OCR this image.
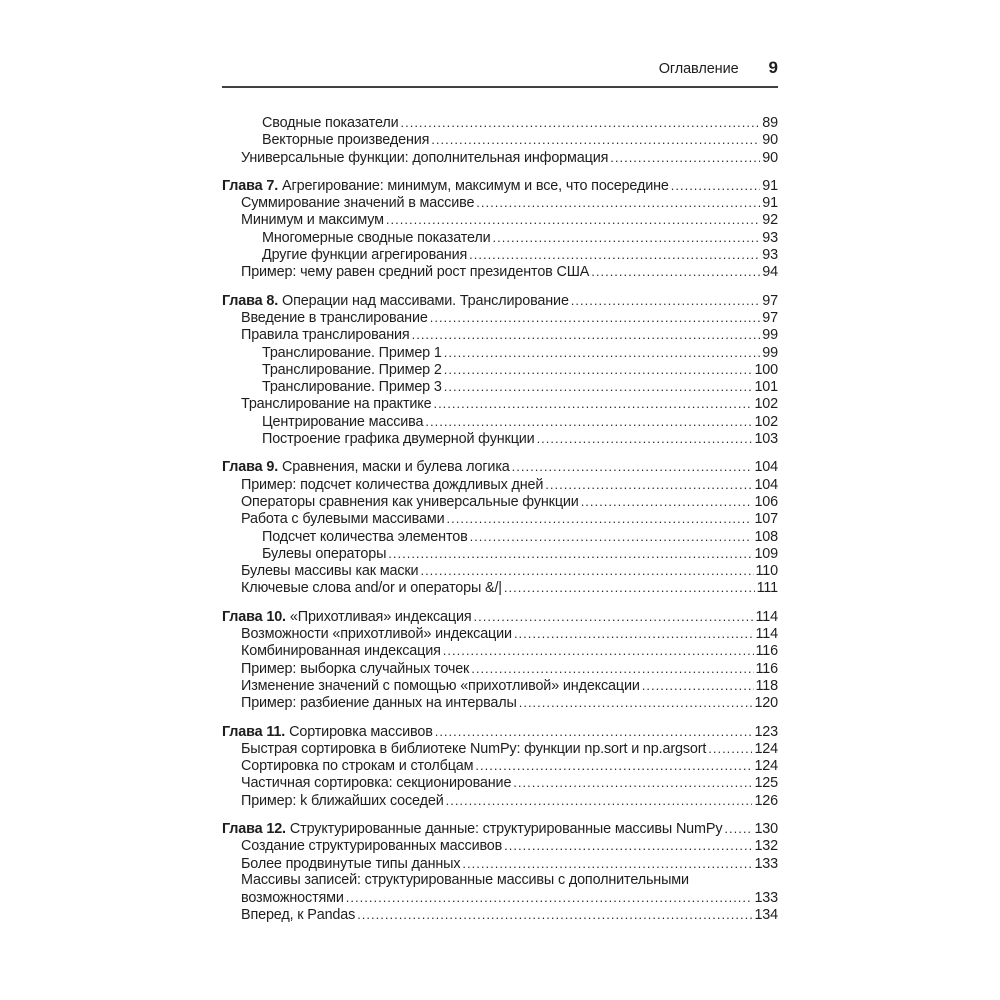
Оглавление 9
Сводные показатели .....	89
Векторные произведения .....	90
Универсальные функции: дополнительная информация .....	90
Глава 7. Агрегирование: минимум, максимум и все, что посередине .....	91
Суммирование значений в массиве .....	91
Минимум и максимум .....	92
Многомерные сводные показатели .....	93
Другие функции агрегирования .....	93
Пример: чему равен средний рост президентов США .....	94
Глава 8. Операции над массивами. Транслирование .....	97
Введение в транслирование .....	97
Правила транслирования .....	99
Транслирование. Пример 1 .....	99
Транслирование. Пример 2 .....	100
Транслирование. Пример 3 .....	101
Транслирование на практике .....	102
Центрирование массива .....	102
Построение графика двумерной функции .....	103
Глава 9. Сравнения, маски и булева логика .....	104
Пример: подсчет количества дождливых дней .....	104
Операторы сравнения как универсальные функции .....	106
Работа с булевыми массивами .....	107
Подсчет количества элементов .....	108
Булевы операторы .....	109
Булевы массивы как маски .....	110
Ключевые слова and/or и операторы &/| .....	111
Глава 10. «Прихотливая» индексация .....	114
Возможности «прихотливой» индексации .....	114
Комбинированная индексация .....	116
Пример: выборка случайных точек .....	116
Изменение значений с помощью «прихотливой» индексации .....	118
Пример: разбиение данных на интервалы .....	120
Глава 11. Сортировка массивов .....	123
Быстрая сортировка в библиотеке NumPy: функции np.sort и np.argsort .....	124
Сортировка по строкам и столбцам .....	124
Частичная сортировка: секционирование .....	125
Пример: k ближайших соседей .....	126
Глава 12. Структурированные данные: структурированные массивы NumPy ..... 130
Создание структурированных массивов .....	132
Более продвинутые типы данных .....	133
Массивы записей: структурированные массивы с дополнительными
возможностями .....	133
Вперед, к Pandas .....	134
